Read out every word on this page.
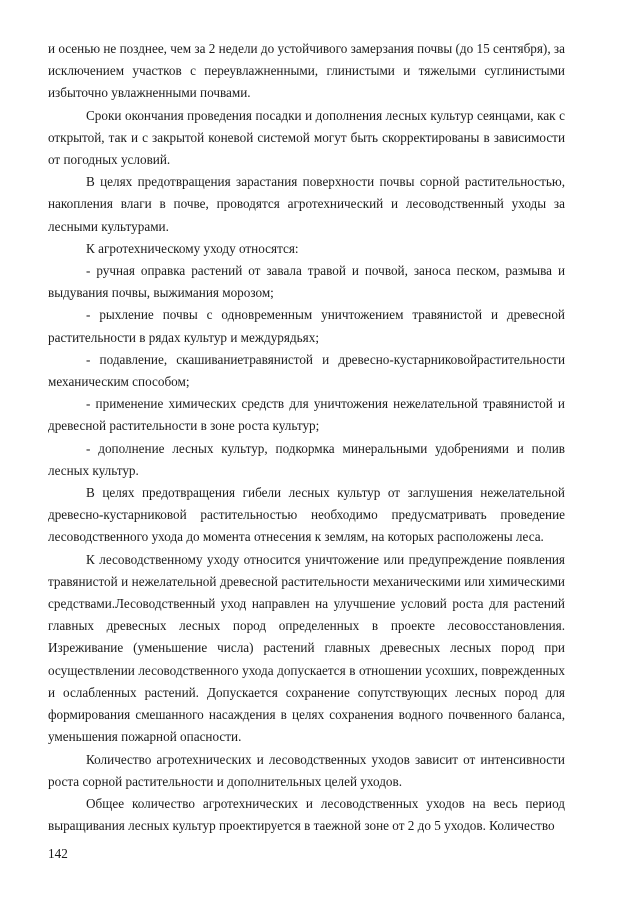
и осенью не позднее, чем за 2 недели до устойчивого замерзания почвы (до 15 сентября), за исключением участков с переувлажненными, глинистыми и тяжелыми суглинистыми избыточно увлажненными почвами.

Сроки окончания проведения посадки и дополнения лесных культур сеянцами, как с открытой, так и с закрытой коневой системой могут быть скорректированы в зависимости от погодных условий.

В целях предотвращения зарастания поверхности почвы сорной растительностью, накопления влаги в почве, проводятся агротехнический и лесоводственный уходы за лесными культурами.

К агротехническому уходу относятся:

- ручная оправка растений от завала травой и почвой, заноса песком, размыва и выдувания почвы, выжимания морозом;

- рыхление почвы с одновременным уничтожением травянистой и древесной растительности в рядах культур и междурядьях;

- подавление, скашиваниетравянистой и древесно-кустарниковойрастительности механическим способом;

- применение химических средств для уничтожения нежелательной травянистой и древесной растительности в зоне роста культур;

- дополнение лесных культур, подкормка минеральными удобрениями и полив лесных культур.

В целях предотвращения гибели лесных культур от заглушения нежелательной древесно-кустарниковой растительностью необходимо предусматривать проведение лесоводственного ухода до момента отнесения к землям, на которых расположены леса.

К лесоводственному уходу относится уничтожение или предупреждение появления травянистой и нежелательной древесной растительности механическими или химическими средствами.Лесоводственный уход направлен на улучшение условий роста для растений главных древесных лесных пород определенных в проекте лесовосстановления. Изреживание (уменьшение числа) растений главных древесных лесных пород при осуществлении лесоводственного ухода допускается в отношении усохших, поврежденных и ослабленных растений. Допускается сохранение сопутствующих лесных пород для формирования смешанного насаждения в целях сохранения водного почвенного баланса, уменьшения пожарной опасности.

Количество агротехнических и лесоводственных уходов зависит от интенсивности роста сорной растительности и дополнительных целей уходов.

Общее количество агротехнических и лесоводственных уходов на весь период выращивания лесных культур проектируется в таежной зоне от 2 до 5 уходов. Количество

142
